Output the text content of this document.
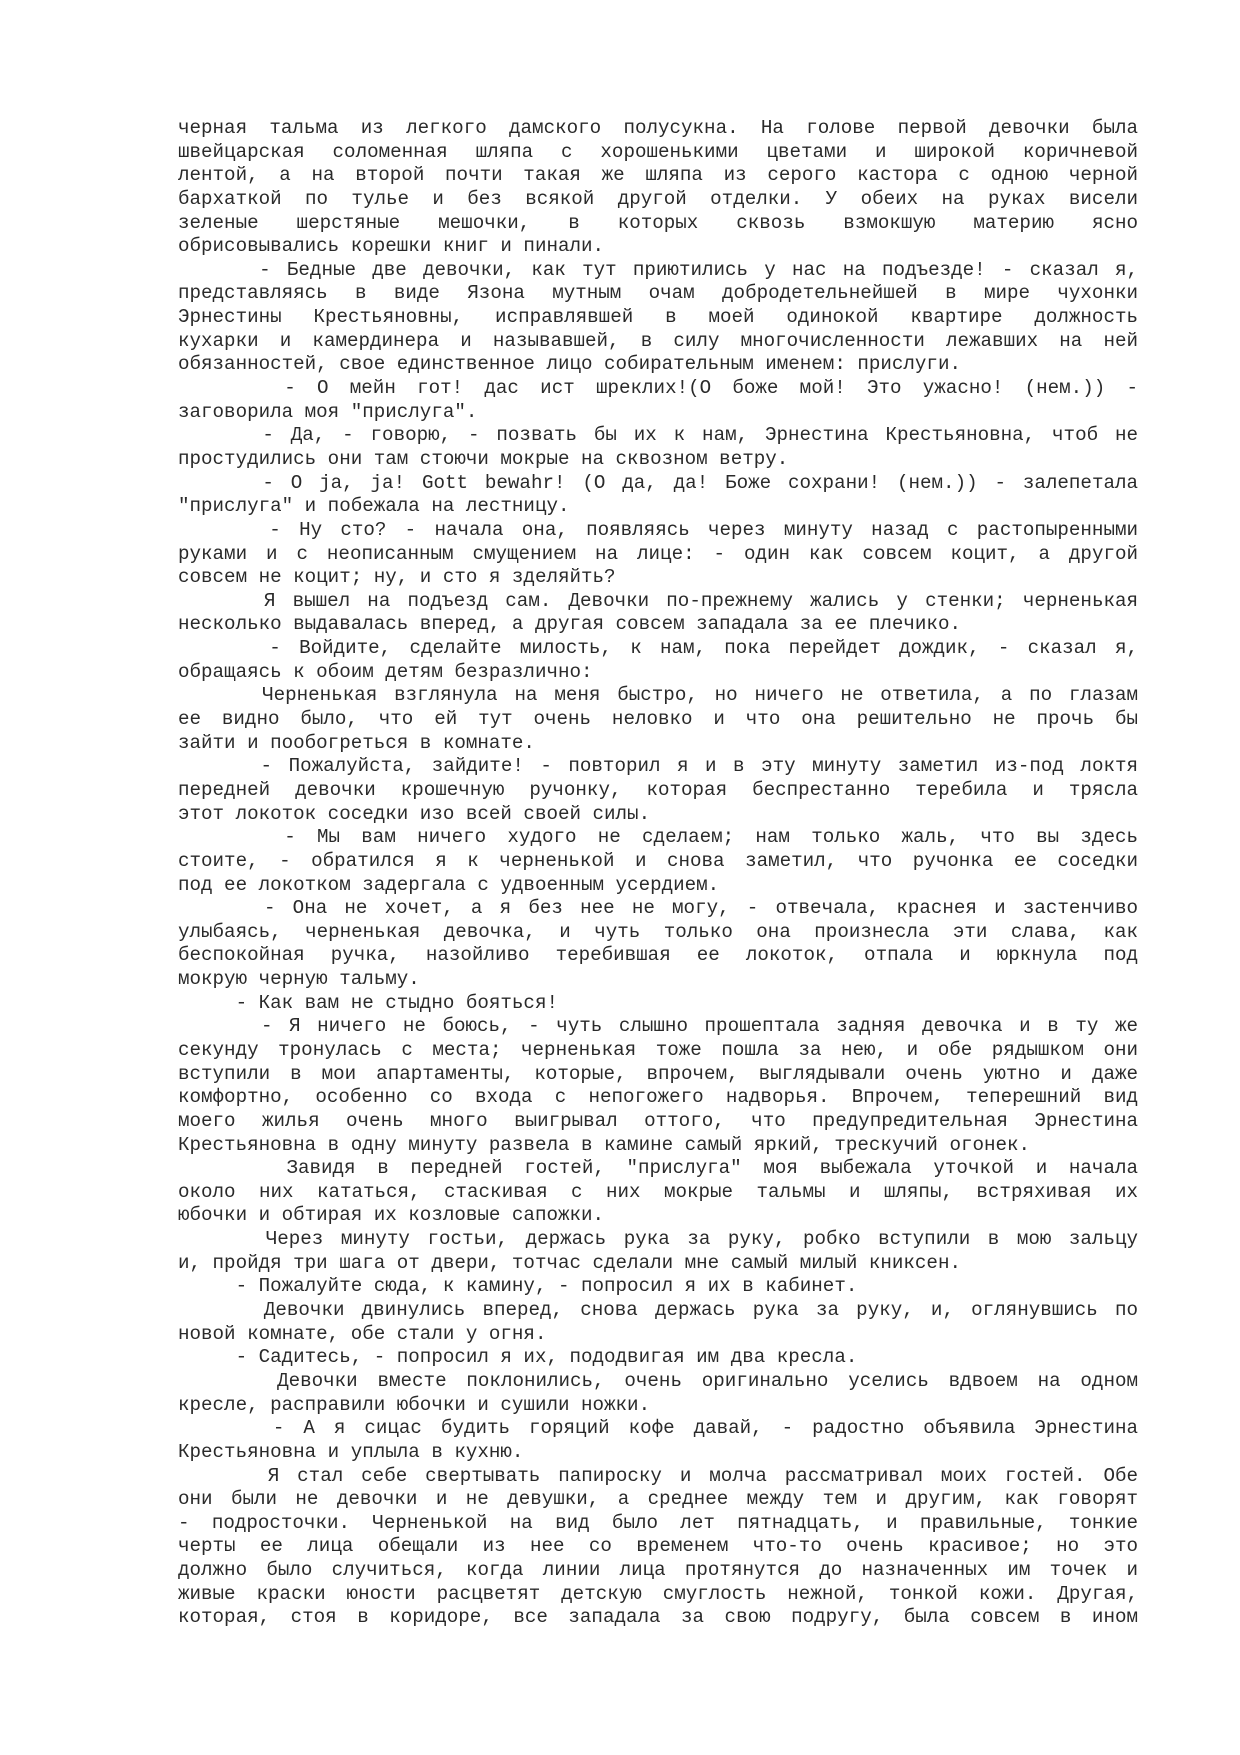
черная тальма из легкого дамского полусукна. На голове первой девочки была
швейцарская соломенная шляпа с хорошенькими цветами и широкой коричневой
лентой, а на второй почти такая же шляпа из серого кастора с одною черной
бархаткой по тулье и без всякой другой отделки. У обеих на руках висели
зеленые шерстяные мешочки, в которых сквозь взмокшую материю ясно
обрисовывались корешки книг и пинали.
- Бедные две девочки, как тут приютились у нас на подъезде! - сказал я,
представляясь в виде Язона мутным очам добродетельнейшей в мире чухонки
Эрнестины Крестьяновны, исправлявшей в моей одинокой квартире должность
кухарки и камердинера и называвшей, в силу многочисленности лежавших на ней
обязанностей, свое единственное лицо собирательным именем: прислуги.
- О мейн гот! дас ист шреклих!(О боже мой! Это ужасно! (нем.)) -
заговорила моя "прислуга".
- Да, - говорю, - позвать бы их к нам, Эрнестина Крестьяновна, чтоб не
простудились они там стоючи мокрые на сквозном ветру.
- О ja, ja! Gott bewahr! (О да, да! Боже сохрани! (нем.)) - залепетала
"прислуга" и побежала на лестницу.
- Ну сто? - начала она, появляясь через минуту назад с растопыренными
руками и с неописанным смущением на лице: - один как совсем коцит, а другой
совсем не коцит; ну, и сто я зделяйть?
Я вышел на подъезд сам. Девочки по-прежнему жались у стенки; черненькая
несколько выдавалась вперед, а другая совсем западала за ее плечико.
- Войдите, сделайте милость, к нам, пока перейдет дождик, - сказал я,
обращаясь к обоим детям безразлично:
Черненькая взглянула на меня быстро, но ничего не ответила, а по глазам
ее видно было, что ей тут очень неловко и что она решительно не прочь бы
зайти и пообогреться в комнате.
- Пожалуйста, зайдите! - повторил я и в эту минуту заметил из-под локтя
передней девочки крошечную ручонку, которая беспрестанно теребила и трясла
этот локоток соседки изо всей своей силы.
- Мы вам ничего худого не сделаем; нам только жаль, что вы здесь
стоите, - обратился я к черненькой и снова заметил, что ручонка ее соседки
под ее локотком задергала с удвоенным усердием.
- Она не хочет, а я без нее не могу, - отвечала, краснея и застенчиво
улыбаясь, черненькая девочка, и чуть только она произнесла эти слава, как
беспокойная ручка, назойливо теребившая ее локоток, отпала и юркнула под
мокрую черную тальму.
- Как вам не стыдно бояться!
- Я ничего не боюсь, - чуть слышно прошептала задняя девочка и в ту же
секунду тронулась с места; черненькая тоже пошла за нею, и обе рядышком они
вступили в мои апартаменты, которые, впрочем, выглядывали очень уютно и даже
комфортно, особенно со входа с непогожего надворья. Впрочем, теперешний вид
моего жилья очень много выигрывал оттого, что предупредительная Эрнестина
Крестьяновна в одну минуту развела в камине самый яркий, трескучий огонек.
Завидя в передней гостей, "прислуга" моя выбежала уточкой и начала
около них кататься, стаскивая с них мокрые тальмы и шляпы, встряхивая их
юбочки и обтирая их козловые сапожки.
Через минуту гостьи, держась рука за руку, робко вступили в мою зальцу
и, пройдя три шага от двери, тотчас сделали мне самый милый книксен.
- Пожалуйте сюда, к камину, - попросил я их в кабинет.
Девочки двинулись вперед, снова держась рука за руку, и, оглянувшись по
новой комнате, обе стали у огня.
- Садитесь, - попросил я их, пододвигая им два кресла.
Девочки вместе поклонились, очень оригинально уселись вдвоем на одном
кресле, расправили юбочки и сушили ножки.
- А я сицас будить горяций кофе давай, - радостно объявила Эрнестина
Крестьяновна и уплыла в кухню.
Я стал себе свертывать папироску и молча рассматривал моих гостей. Обе
они были не девочки и не девушки, а среднее между тем и другим, как говорят
- подросточки. Черненькой на вид было лет пятнадцать, и правильные, тонкие
черты ее лица обещали из нее со временем что-то очень красивое; но это
должно было случиться, когда линии лица протянутся до назначенных им точек и
живые краски юности расцветят детскую смуглость нежной, тонкой кожи. Другая,
которая, стоя в коридоре, все западала за свою подругу, была совсем в ином
